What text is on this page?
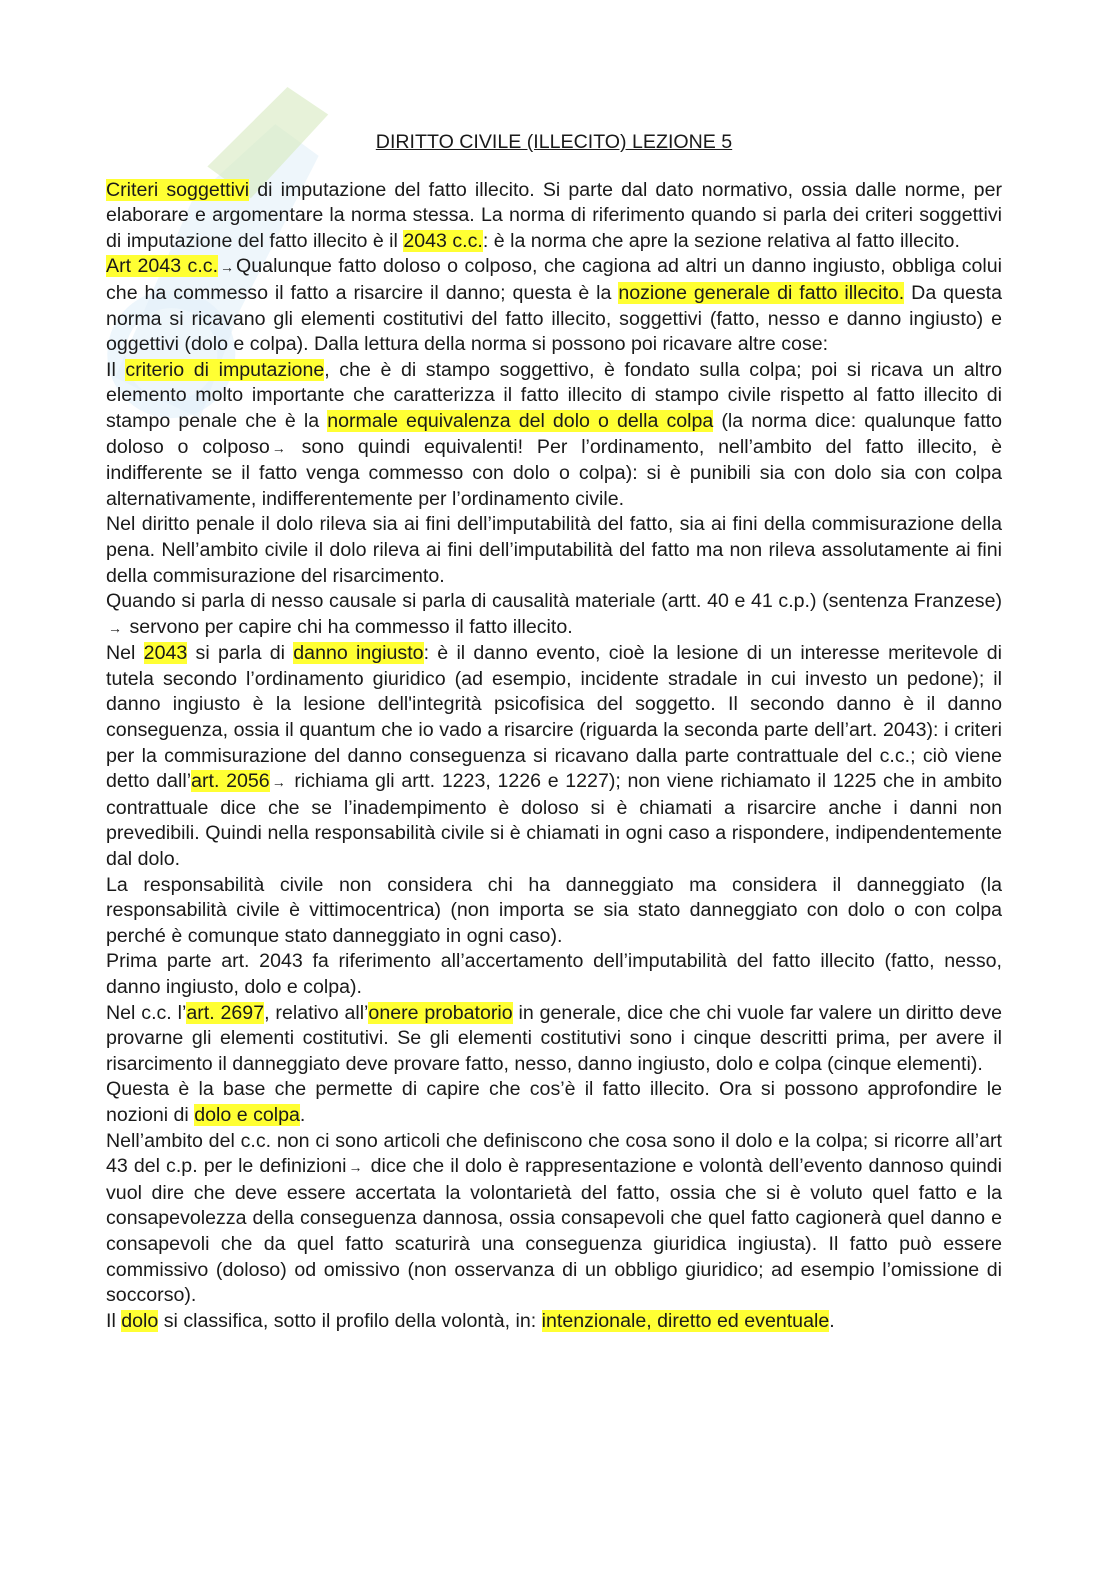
DIRITTO CIVILE (ILLECITO) LEZIONE 5

Criteri soggettivi di imputazione del fatto illecito. Si parte dal dato normativo, ossia dalle norme, per elaborare e argomentare la norma stessa. La norma di riferimento quando si parla dei criteri soggettivi di imputazione del fatto illecito è il 2043 c.c.: è la norma che apre la sezione relativa al fatto illecito.

Art 2043 c.c. → Qualunque fatto doloso o colposo, che cagiona ad altri un danno ingiusto, obbliga colui che ha commesso il fatto a risarcire il danno; questa è la nozione generale di fatto illecito. Da questa norma si ricavano gli elementi costitutivi del fatto illecito, soggettivi (fatto, nesso e danno ingiusto) e oggettivi (dolo e colpa). Dalla lettura della norma si possono poi ricavare altre cose:

Il criterio di imputazione, che è di stampo soggettivo, è fondato sulla colpa; poi si ricava un altro elemento molto importante che caratterizza il fatto illecito di stampo civile rispetto al fatto illecito di stampo penale che è la normale equivalenza del dolo o della colpa (la norma dice: qualunque fatto doloso o colposo → sono quindi equivalenti! Per l’ordinamento, nell’ambito del fatto illecito, è indifferente se il fatto venga commesso con dolo o colpa): si è punibili sia con dolo sia con colpa alternativamente, indifferentemente per l’ordinamento civile.

Nel diritto penale il dolo rileva sia ai fini dell’imputabilità del fatto, sia ai fini della commisurazione della pena. Nell’ambito civile il dolo rileva ai fini dell’imputabilità del fatto ma non rileva assolutamente ai fini della commisurazione del risarcimento.

Quando si parla di nesso causale si parla di causalità materiale (artt. 40 e 41 c.p.) (sentenza Franzese)→ servono per capire chi ha commesso il fatto illecito.

Nel 2043 si parla di danno ingiusto: è il danno evento, cioè la lesione di un interesse meritevole di tutela secondo l’ordinamento giuridico (ad esempio, incidente stradale in cui investo un pedone); il danno ingiusto è la lesione dell'integrità psicofisica del soggetto. Il secondo danno è il danno conseguenza, ossia il quantum che io vado a risarcire (riguarda la seconda parte dell’art. 2043): i criteri per la commisurazione del danno conseguenza si ricavano dalla parte contrattuale del c.c.; ciò viene detto dall’art. 2056 → richiama gli artt. 1223, 1226 e 1227); non viene richiamato il 1225 che in ambito contrattuale dice che se l’inadempimento è doloso si è chiamati a risarcire anche i danni non prevedibili. Quindi nella responsabilità civile si è chiamati in ogni caso a rispondere, indipendentemente dal dolo.

La responsabilità civile non considera chi ha danneggiato ma considera il danneggiato (la responsabilità civile è vittimocentrica) (non importa se sia stato danneggiato con dolo o con colpa perché è comunque stato danneggiato in ogni caso).

Prima parte art. 2043 fa riferimento all’accertamento dell’imputabilità del fatto illecito (fatto, nesso, danno ingiusto, dolo e colpa).

Nel c.c. l’art. 2697, relativo all’onere probatorio in generale, dice che chi vuole far valere un diritto deve provarne gli elementi costitutivi. Se gli elementi costitutivi sono i cinque descritti prima, per avere il risarcimento il danneggiato deve provare fatto, nesso, danno ingiusto, dolo e colpa (cinque elementi).

Questa è la base che permette di capire che cos’è il fatto illecito. Ora si possono approfondire le nozioni di dolo e colpa.

Nell’ambito del c.c. non ci sono articoli che definiscono che cosa sono il dolo e la colpa; si ricorre all’art 43 del c.p. per le definizioni → dice che il dolo è rappresentazione e volontà dell’evento dannoso quindi vuol dire che deve essere accertata la volontarietà del fatto, ossia che si è voluto quel fatto e la consapevolezza della conseguenza dannosa, ossia consapevoli che quel fatto cagionerà quel danno e consapevoli che da quel fatto scaturirà una conseguenza giuridica ingiusta). Il fatto può essere commissivo (doloso) od omissivo (non osservanza di un obbligo giuridico; ad esempio l’omissione di soccorso).

Il dolo si classifica, sotto il profilo della volontà, in: intenzionale, diretto ed eventuale.
